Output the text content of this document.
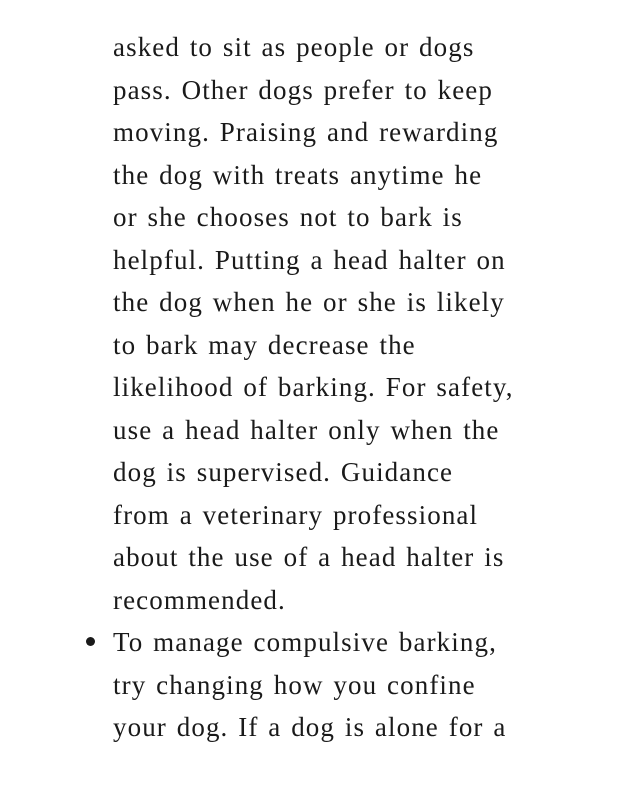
asked to sit as people or dogs
pass. Other dogs prefer to keep
moving. Praising and rewarding
the dog with treats anytime he
or she chooses not to bark is
helpful. Putting a head halter on
the dog when he or she is likely
to bark may decrease the
likelihood of barking. For safety,
use a head halter only when the
dog is supervised. Guidance
from a veterinary professional
about the use of a head halter is
recommended.
To manage compulsive barking,
try changing how you confine
your dog. If a dog is alone for a
